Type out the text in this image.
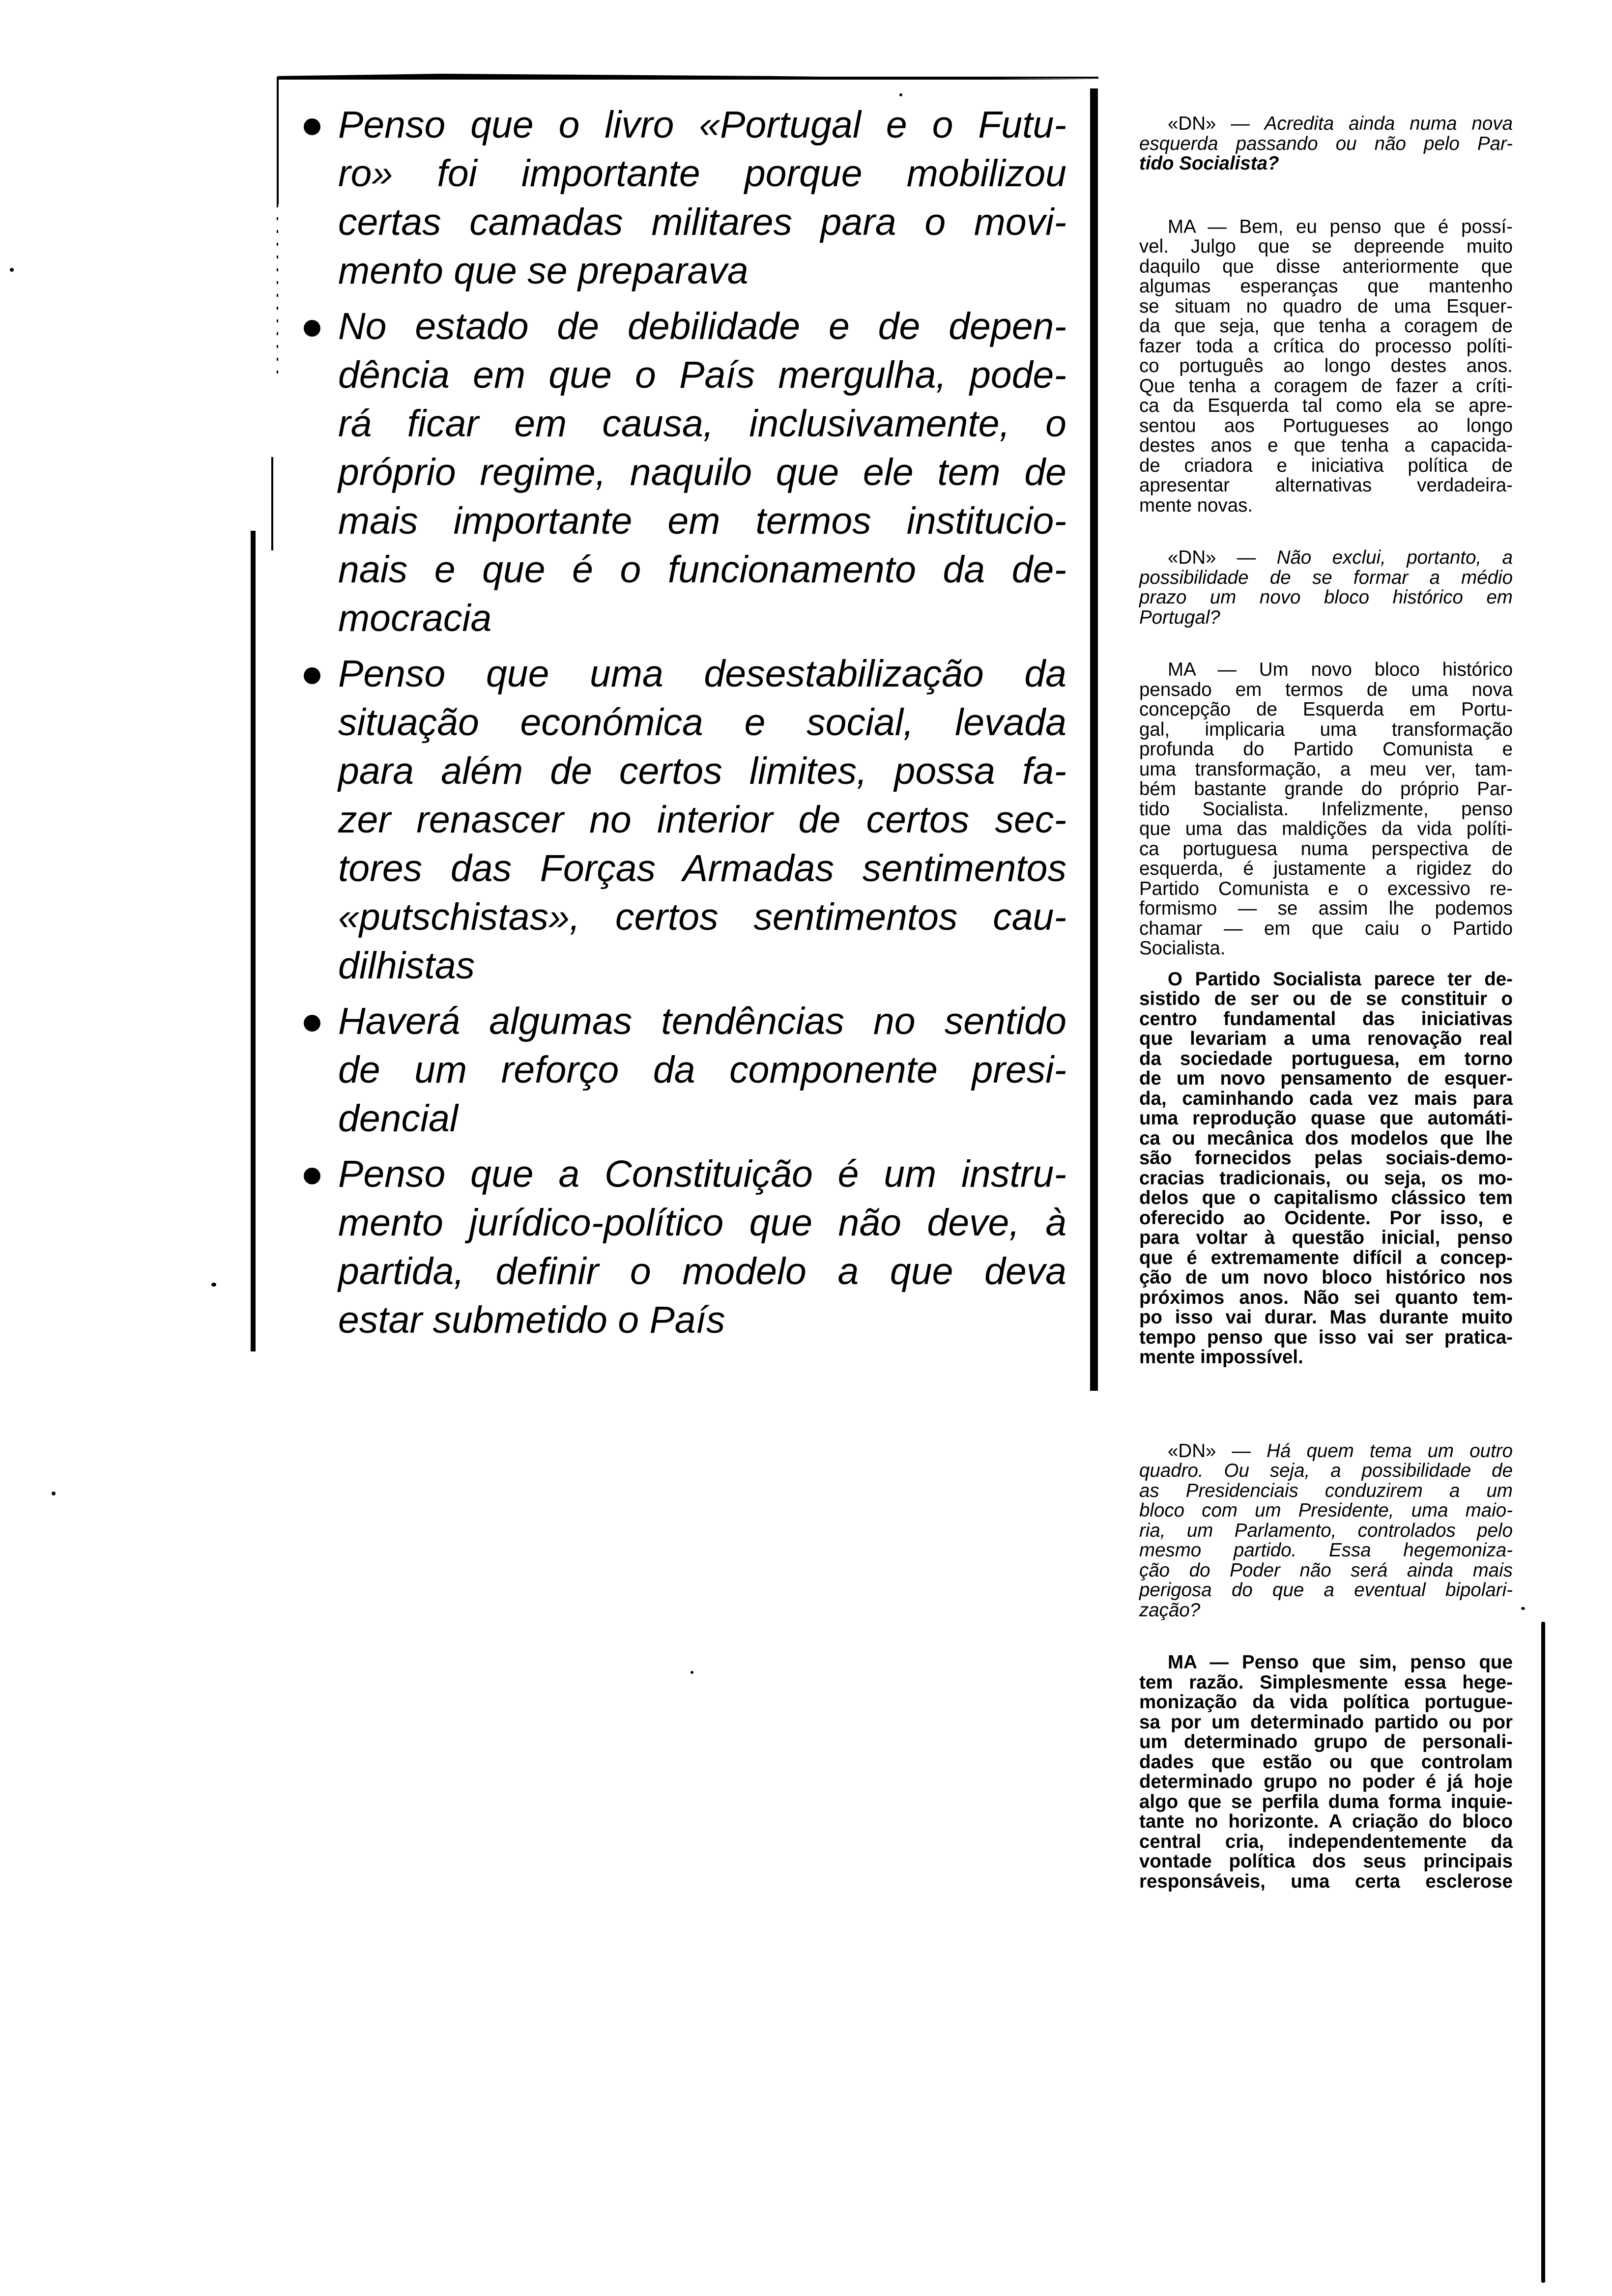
Penso que o livro «Portugal e o Futu-
ro» foi importante porque mobilizou
certas camadas militares para o movi-
mento que se preparava
No estado de debilidade e de depen-
dência em que o País mergulha, pode-
rá ficar em causa, inclusivamente, o
próprio regime, naquilo que ele tem de
mais importante em termos institucio-
nais e que é o funcionamento da de-
mocracia
Penso que uma desestabilização da
situação económica e social, levada
para além de certos limites, possa fa-
zer renascer no interior de certos sec-
tores das Forças Armadas sentimentos
«putschistas», certos sentimentos cau-
dilhistas
Haverá algumas tendências no sentido
de um reforço da componente presi-
dencial
Penso que a Constituição é um instru-
mento jurídico-político que não deve, à
partida, definir o modelo a que deva
estar submetido o País
«DN» — Acredita ainda numa nova
esquerda passando ou não pelo Par-
tido Socialista?
MA — Bem, eu penso que é possí-
vel. Julgo que se depreende muito
daquilo que disse anteriormente que
algumas esperanças que mantenho
se situam no quadro de uma Esquer-
da que seja, que tenha a coragem de
fazer toda a crítica do processo políti-
co português ao longo destes anos.
Que tenha a coragem de fazer a críti-
ca da Esquerda tal como ela se apre-
sentou aos Portugueses ao longo
destes anos e que tenha a capacida-
de criadora e iniciativa política de
apresentar alternativas verdadeira-
mente novas.
«DN» — Não exclui, portanto, a
possibilidade de se formar a médio
prazo um novo bloco histórico em
Portugal?
MA — Um novo bloco histórico
pensado em termos de uma nova
concepção de Esquerda em Portu-
gal, implicaria uma transformação
profunda do Partido Comunista e
uma transformação, a meu ver, tam-
bém bastante grande do próprio Par-
tido Socialista. Infelizmente, penso
que uma das maldições da vida políti-
ca portuguesa numa perspectiva de
esquerda, é justamente a rigidez do
Partido Comunista e o excessivo re-
formismo — se assim lhe podemos
chamar — em que caiu o Partido
Socialista.
O Partido Socialista parece ter de-
sistido de ser ou de se constituir o
centro fundamental das iniciativas
que levariam a uma renovação real
da sociedade portuguesa, em torno
de um novo pensamento de esquer-
da, caminhando cada vez mais para
uma reprodução quase que automáti-
ca ou mecânica dos modelos que lhe
são fornecidos pelas sociais-demo-
cracias tradicionais, ou seja, os mo-
delos que o capitalismo clássico tem
oferecido ao Ocidente. Por isso, e
para voltar à questão inicial, penso
que é extremamente difícil a concep-
ção de um novo bloco histórico nos
próximos anos. Não sei quanto tem-
po isso vai durar. Mas durante muito
tempo penso que isso vai ser pratica-
mente impossível.
«DN» — Há quem tema um outro
quadro. Ou seja, a possibilidade de
as Presidenciais conduzirem a um
bloco com um Presidente, uma maio-
ria, um Parlamento, controlados pelo
mesmo partido. Essa hegemoniza-
ção do Poder não será ainda mais
perigosa do que a eventual bipolari-
zação?
MA — Penso que sim, penso que
tem razão. Simplesmente essa hege-
monização da vida política portugue-
sa por um determinado partido ou por
um determinado grupo de personali-
dades que estão ou que controlam
determinado grupo no poder é já hoje
algo que se perfila duma forma inquie-
tante no horizonte. A criação do bloco
central cria, independentemente da
vontade política dos seus principais
responsáveis, uma certa esclerose
